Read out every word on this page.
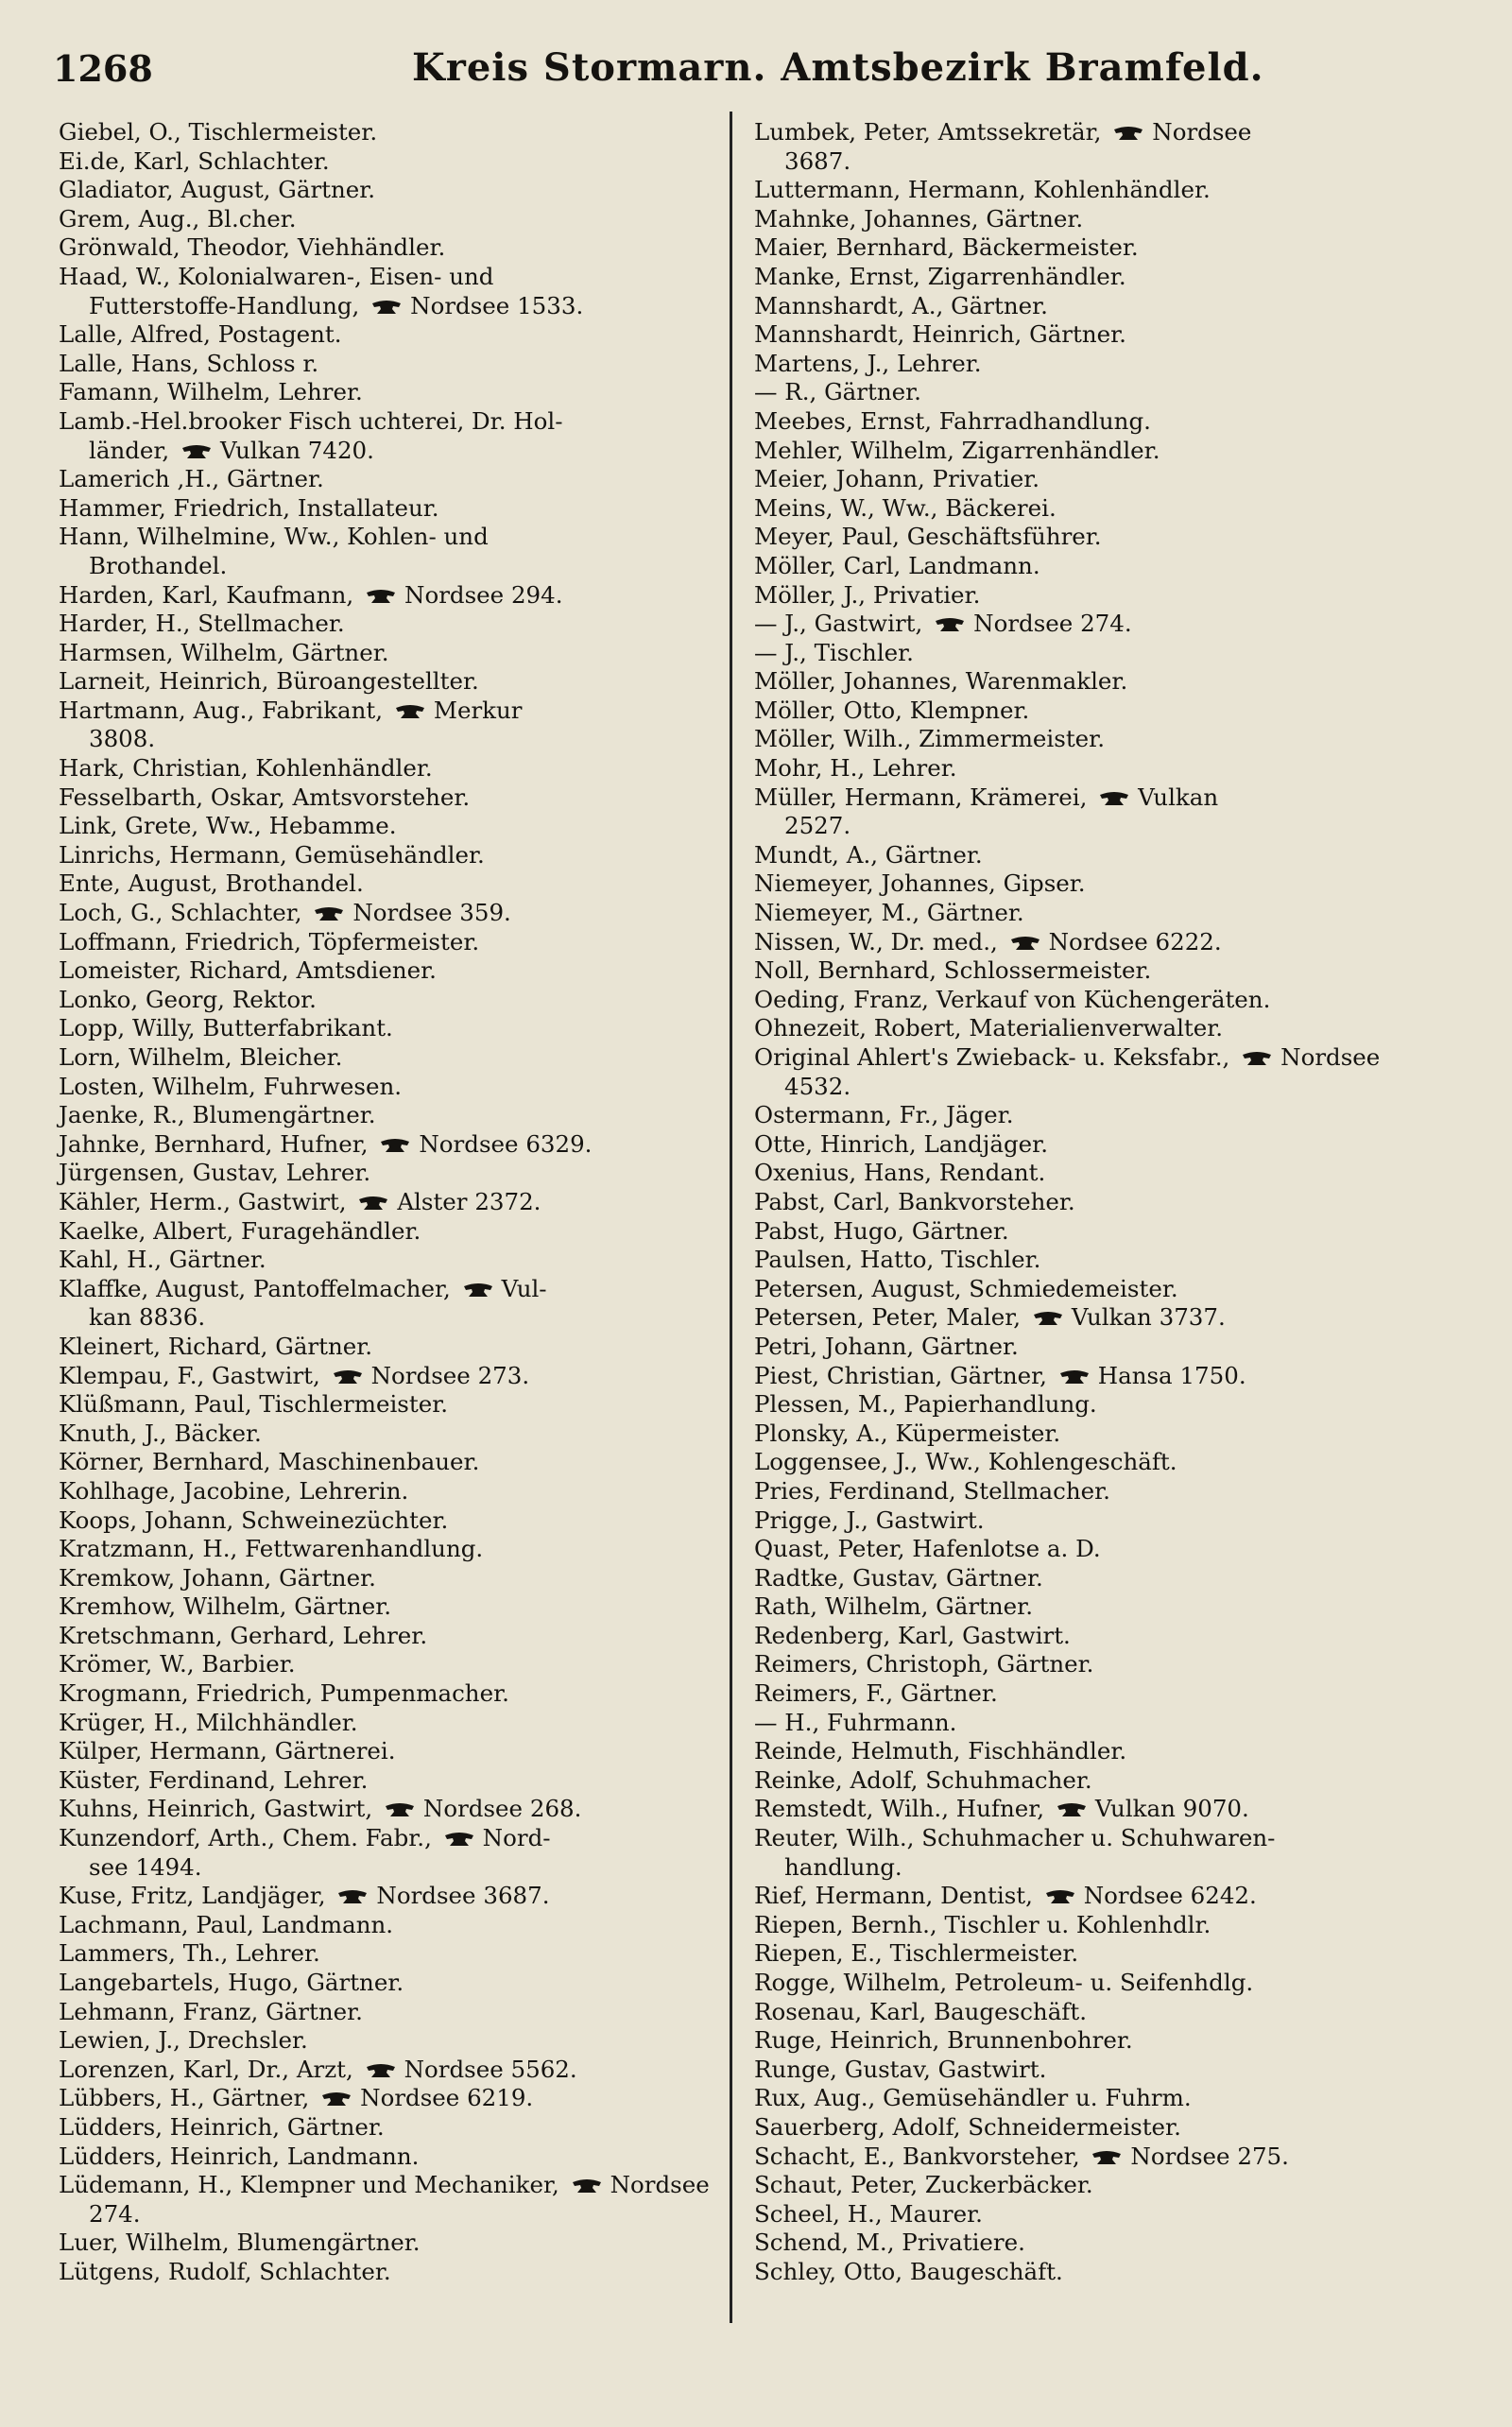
1268	Kreis Stormarn. Amtsbezirk Bramfeld.
Giebel, O., Tischlermeister.
Ei.de, Karl, Schlachter.
Gladiator, August, Gärtner.
Grem, Aug., Bl.cher.
Grönwald, Theodor, Viehhändler.
Haad, W., Kolonialwaren-, Eisen- und
Futterstoffe-Handlung, Nordsee 1533.
Lalle, Alfred, Postagent.
Lalle, Hans, Schloss r.
Famann, Wilhelm, Lehrer.
Lamb.-Hel.brooker Fisch uchterei, Dr. Hol-
länder, Vulkan 7420.
Lamerich ,H., Gärtner.
Hammer, Friedrich, Installateur.
Hann, Wilhelmine, Ww., Kohlen- und
Brothandel.
Harden, Karl, Kaufmann, Nordsee 294.
Harder, H., Stellmacher.
Harmsen, Wilhelm, Gärtner.
Larneit, Heinrich, Büroangestellter.
Hartmann, Aug., Fabrikant, Merkur
3808.
Hark, Christian, Kohlenhändler.
Fesselbarth, Oskar, Amtsvorsteher.
Link, Grete, Ww., Hebamme.
Linrichs, Hermann, Gemüsehändler.
Ente, August, Brothandel.
Loch, G., Schlachter, Nordsee 359.
Loffmann, Friedrich, Töpfermeister.
Lomeister, Richard, Amtsdiener.
Lonko, Georg, Rektor.
Lopp, Willy, Butterfabrikant.
Lorn, Wilhelm, Bleicher.
Losten, Wilhelm, Fuhrwesen.
Jaenke, R., Blumengärtner.
Jahnke, Bernhard, Hufner, Nordsee 6329.
Jürgensen, Gustav, Lehrer.
Kähler, Herm., Gastwirt, Alster 2372.
Kaelke, Albert, Furagehändler.
Kahl, H., Gärtner.
Klaffke, August, Pantoffelmacher, Vul-
kan 8836.
Kleinert, Richard, Gärtner.
Klempau, F., Gastwirt, Nordsee 273.
Klüßmann, Paul, Tischlermeister.
Knuth, J., Bäcker.
Körner, Bernhard, Maschinenbauer.
Kohlhage, Jacobine, Lehrerin.
Koops, Johann, Schweinezüchter.
Kratzmann, H., Fettwarenhandlung.
Kremkow, Johann, Gärtner.
Kremhow, Wilhelm, Gärtner.
Kretschmann, Gerhard, Lehrer.
Krömer, W., Barbier.
Krogmann, Friedrich, Pumpenmacher.
Krüger, H., Milchhändler.
Külper, Hermann, Gärtnerei.
Küster, Ferdinand, Lehrer.
Kuhns, Heinrich, Gastwirt, Nordsee 268.
Kunzendorf, Arth., Chem. Fabr., Nord-
see 1494.
Kuse, Fritz, Landjäger, Nordsee 3687.
Lachmann, Paul, Landmann.
Lammers, Th., Lehrer.
Langebartels, Hugo, Gärtner.
Lehmann, Franz, Gärtner.
Lewien, J., Drechsler.
Lorenzen, Karl, Dr., Arzt, Nordsee 5562.
Lübbers, H., Gärtner, Nordsee 6219.
Lüdders, Heinrich, Gärtner.
Lüdders, Heinrich, Landmann.
Lüdemann, H., Klempner und Mechaniker, Nordsee
274.
Luer, Wilhelm, Blumengärtner.
Lütgens, Rudolf, Schlachter.
Lumbek, Peter, Amtssekretär, Nordsee
3687.
Luttermann, Hermann, Kohlenhändler.
Mahnke, Johannes, Gärtner.
Maier, Bernhard, Bäckermeister.
Manke, Ernst, Zigarrenhändler.
Mannshardt, A., Gärtner.
Mannshardt, Heinrich, Gärtner.
Martens, J., Lehrer.
— R., Gärtner.
Meebes, Ernst, Fahrradhandlung.
Mehler, Wilhelm, Zigarrenhändler.
Meier, Johann, Privatier.
Meins, W., Ww., Bäckerei.
Meyer, Paul, Geschäftsführer.
Möller, Carl, Landmann.
Möller, J., Privatier.
— J., Gastwirt, Nordsee 274.
— J., Tischler.
Möller, Johannes, Warenmakler.
Möller, Otto, Klempner.
Möller, Wilh., Zimmermeister.
Mohr, H., Lehrer.
Müller, Hermann, Krämerei, Vulkan
2527.
Mundt, A., Gärtner.
Niemeyer, Johannes, Gipser.
Niemeyer, M., Gärtner.
Nissen, W., Dr. med., Nordsee 6222.
Noll, Bernhard, Schlossermeister.
Oeding, Franz, Verkauf von Küchengeräten.
Ohnezeit, Robert, Materialienverwalter.
Original Ahlert's Zwieback- u. Keksfabr., Nordsee
4532.
Ostermann, Fr., Jäger.
Otte, Hinrich, Landjäger.
Oxenius, Hans, Rendant.
Pabst, Carl, Bankvorsteher.
Pabst, Hugo, Gärtner.
Paulsen, Hatto, Tischler.
Petersen, August, Schmiedemeister.
Petersen, Peter, Maler, Vulkan 3737.
Petri, Johann, Gärtner.
Piest, Christian, Gärtner, Hansa 1750.
Plessen, M., Papierhandlung.
Plonsky, A., Küpermeister.
Loggensee, J., Ww., Kohlengeschäft.
Pries, Ferdinand, Stellmacher.
Prigge, J., Gastwirt.
Quast, Peter, Hafenlotse a. D.
Radtke, Gustav, Gärtner.
Rath, Wilhelm, Gärtner.
Redenberg, Karl, Gastwirt.
Reimers, Christoph, Gärtner.
Reimers, F., Gärtner.
— H., Fuhrmann.
Reinde, Helmuth, Fischhändler.
Reinke, Adolf, Schuhmacher.
Remstedt, Wilh., Hufner, Vulkan 9070.
Reuter, Wilh., Schuhmacher u. Schuhwaren-
handlung.
Rief, Hermann, Dentist, Nordsee 6242.
Riepen, Bernh., Tischler u. Kohlenhdlr.
Riepen, E., Tischlermeister.
Rogge, Wilhelm, Petroleum- u. Seifenhdlg.
Rosenau, Karl, Baugeschäft.
Ruge, Heinrich, Brunnenbohrer.
Runge, Gustav, Gastwirt.
Rux, Aug., Gemüsehändler u. Fuhrm.
Sauerberg, Adolf, Schneidermeister.
Schacht, E., Bankvorsteher, Nordsee 275.
Schaut, Peter, Zuckerbäcker.
Scheel, H., Maurer.
Schend, M., Privatiere.
Schley, Otto, Baugeschäft.
